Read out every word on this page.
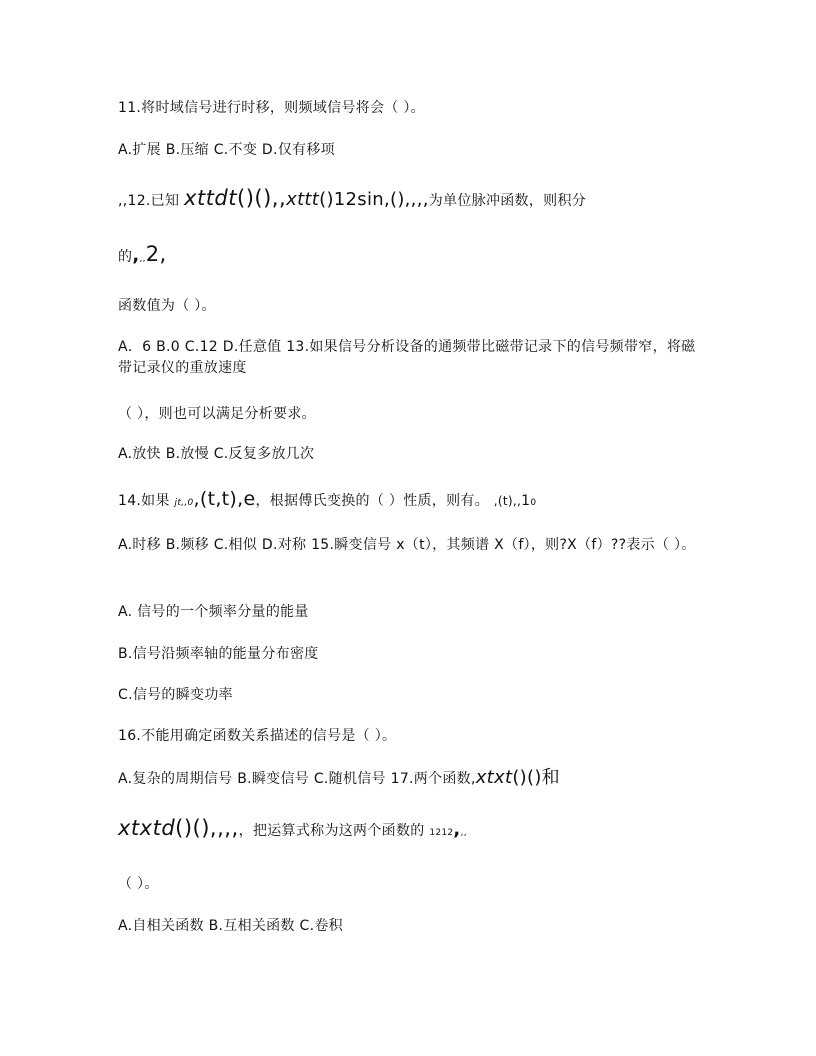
11.将时域信号进行时移，则频域信号将会（ ）。
A.扩展 B.压缩 C.不变 D.仅有移项
,,12.已知 xttdt()(),,xttt()12sin,(),,,,为单位脉冲函数，则积分
的,,,2,
函数值为（ ）。
A．6 B.0 C.12 D.任意值 13.如果信号分析设备的通频带比磁带记录下的信号频带窄，将磁带记录仪的重放速度
（ ），则也可以满足分析要求。
A.放快 B.放慢 C.反复多放几次
14.如果 jt,,0,(t,t),e，根据傅氏变换的（ ）性质，则有。 ,(t),,10
A.时移 B.频移 C.相似 D.对称 15.瞬变信号 x（t），其频谱 X（f），则?X（f）??表示（ ）。
A. 信号的一个频率分量的能量
B.信号沿频率轴的能量分布密度
C.信号的瞬变功率
16.不能用确定函数关系描述的信号是（ ）。
A.复杂的周期信号 B.瞬变信号 C.随机信号 17.两个函数,xtxt()()和
xtxtd()(),,,,，把运算式称为这两个函数的 1212,,,
（ ）。
A.自相关函数 B.互相关函数 C.卷积
